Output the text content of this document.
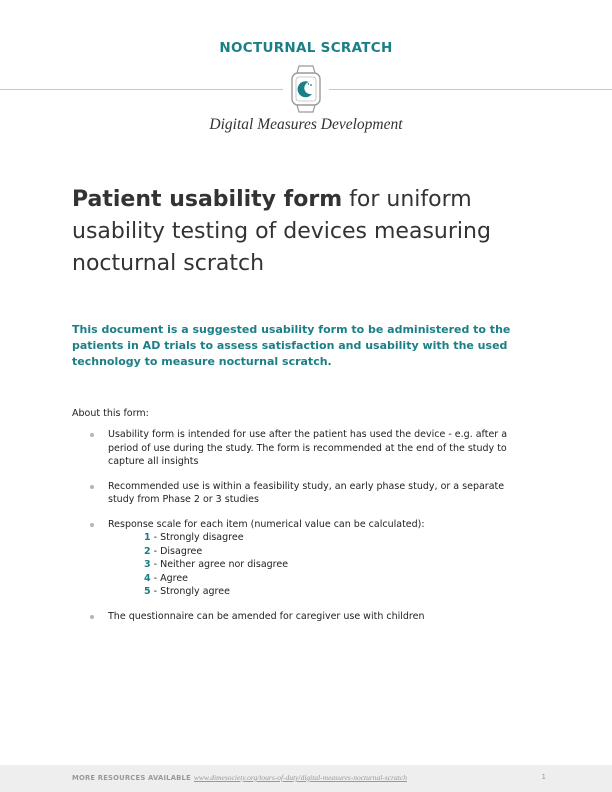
NOCTURNAL SCRATCH
Digital Measures Development
Patient usability form for uniform usability testing of devices measuring nocturnal scratch
This document is a suggested usability form to be administered to the patients in AD trials to assess satisfaction and usability with the used technology to measure nocturnal scratch.
About this form:
Usability form is intended for use after the patient has used the device - e.g. after a period of use during the study. The form is recommended at the end of the study to capture all insights
Recommended use is within a feasibility study, an early phase study, or a separate study from Phase 2 or 3 studies
Response scale for each item (numerical value can be calculated):
1 - Strongly disagree
2 - Disagree
3 - Neither agree nor disagree
4 - Agree
5 - Strongly agree
The questionnaire can be amended for caregiver use with children
MORE RESOURCES AVAILABLE www.dimesociety.org/tours-of-duty/digital-measures-nocturnal-scratch	1
